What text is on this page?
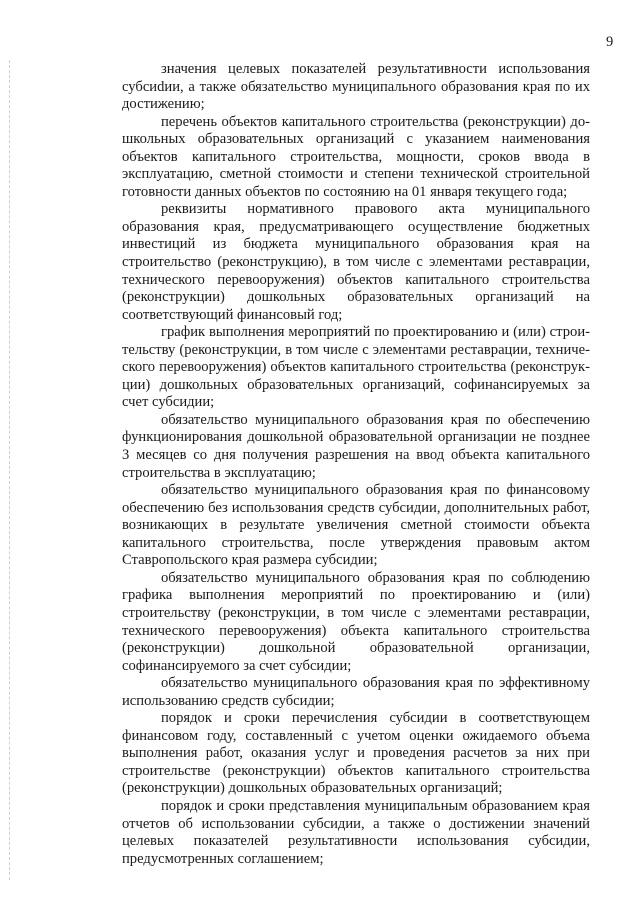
9

значения целевых показателей результативности использования субсиdии, а также обязательство муниципального образования края по их достижению;

перечень объектов капитального строительства (реконструкции) дошкольных образовательных организаций с указанием наименования объектов капитального строительства, мощности, сроков ввода в эксплуатацию, сметной стоимости и степени технической строительной готовности данных объектов по состоянию на 01 января текущего года;

реквизиты нормативного правового акта муниципального образования края, предусматривающего осуществление бюджетных инвестиций из бюджета муниципального образования края на строительство (реконструкцию), в том числе с элементами реставрации, технического перевооружения) объектов капитального строительства (реконструкции) дошкольных образовательных организаций на соответствующий финансовый год;

график выполнения мероприятий по проектированию и (или) строительству (реконструкции, в том числе с элементами реставрации, технического перевооружения) объектов капитального строительства (реконструкции) дошкольных образовательных организаций, софинансируемых за счет субсидии;

обязательство муниципального образования края по обеспечению функционирования дошкольной образовательной организации не позднее 3 месяцев со дня получения разрешения на ввод объекта капитального строительства в эксплуатацию;

обязательство муниципального образования края по финансовому обеспечению без использования средств субсидии, дополнительных работ, возникающих в результате увеличения сметной стоимости объекта капитального строительства, после утверждения правовым актом Ставропольского края размера субсидии;

обязательство муниципального образования края по соблюдению графика выполнения мероприятий по проектированию и (или) строительству (реконструкции, в том числе с элементами реставрации, технического перевооружения) объекта капитального строительства (реконструкции) дошкольной образовательной организации, софинансируемого за счет субсидии;

обязательство муниципального образования края по эффективному использованию средств субсидии;

порядок и сроки перечисления субсидии в соответствующем финансовом году, составленный с учетом оценки ожидаемого объема выполнения работ, оказания услуг и проведения расчетов за них при строительстве (реконструкции) объектов капитального строительства (реконструкции) дошкольных образовательных организаций;

порядок и сроки представления муниципальным образованием края отчетов об использовании субсидии, а также о достижении значений целевых показателей результативности использования субсидии, предусмотренных соглашением;
